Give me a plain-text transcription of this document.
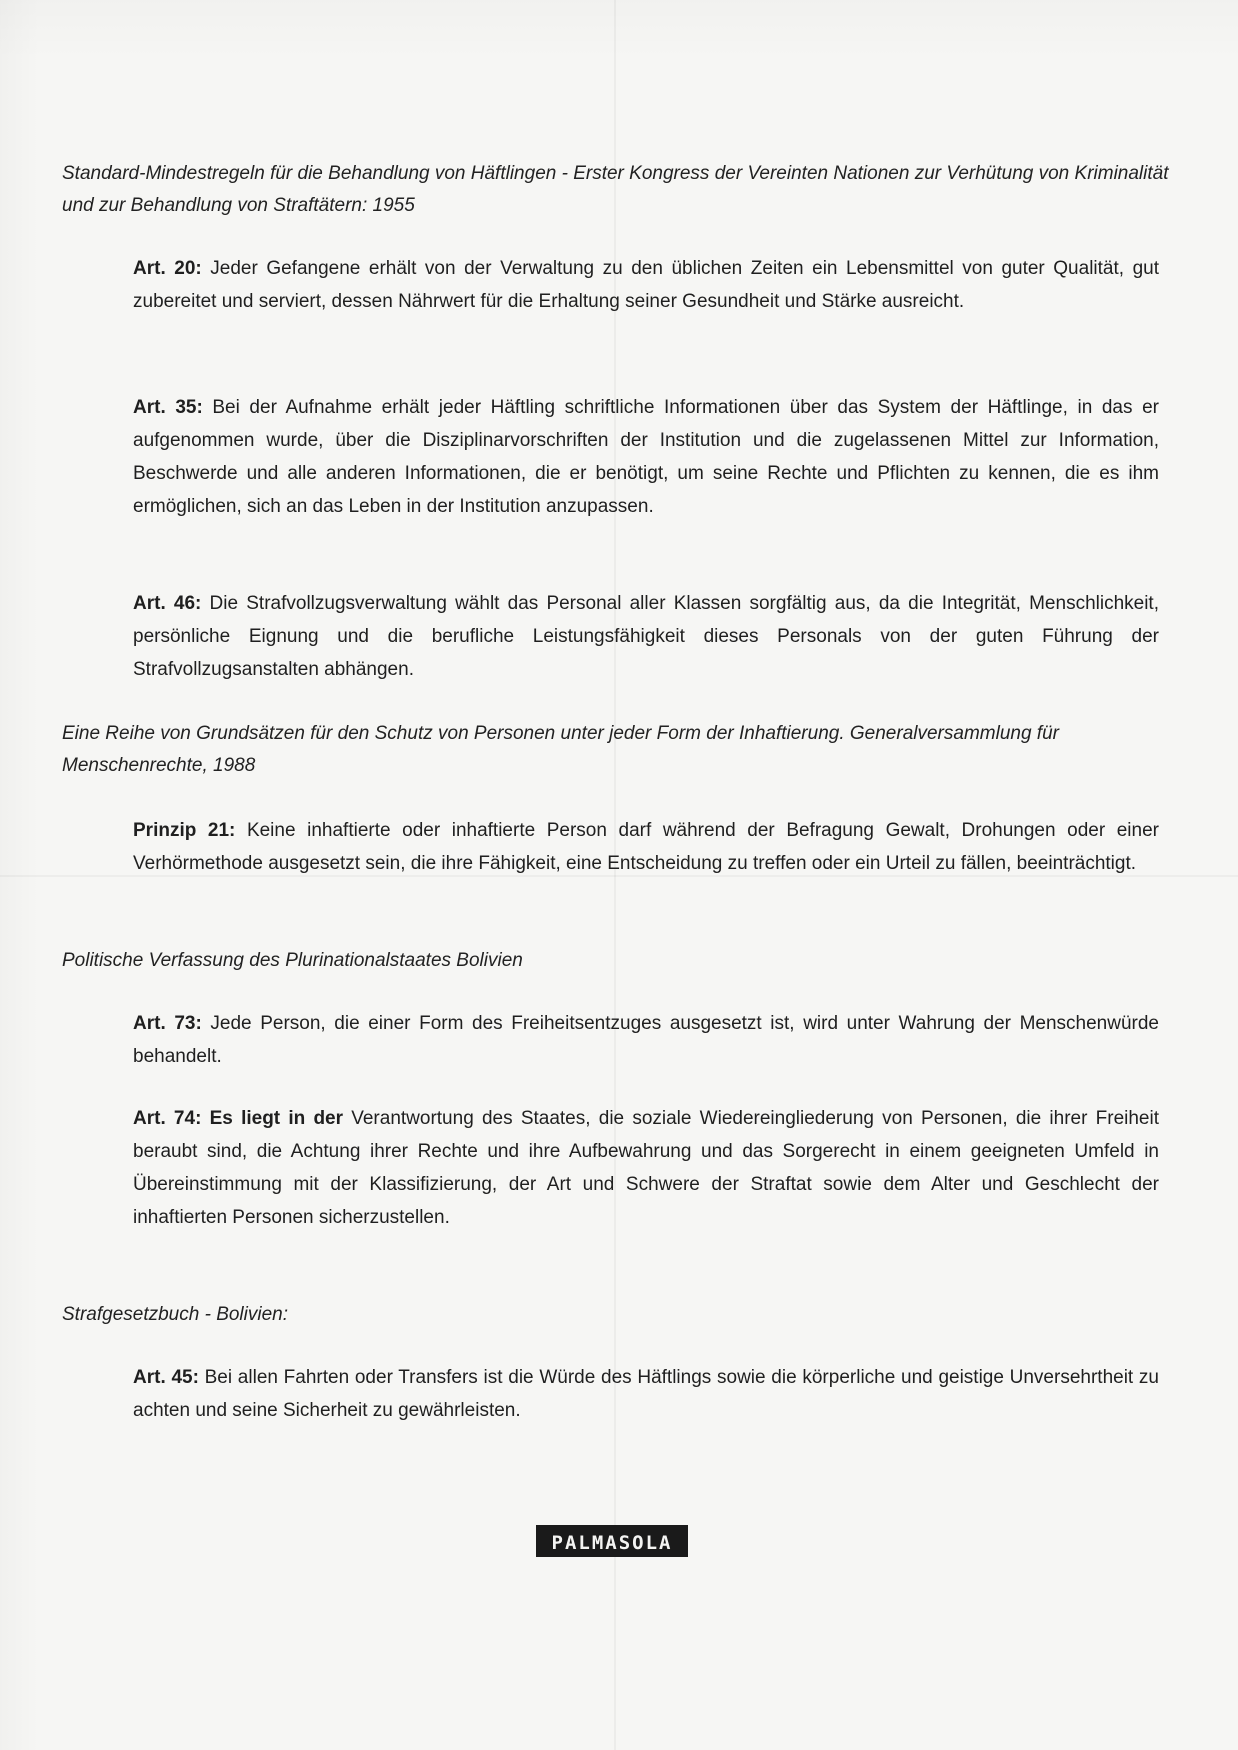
Standard-Mindestregeln für die Behandlung von Häftlingen - Erster Kongress der Vereinten Nationen zur Verhütung von Kriminalität und zur Behandlung von Straftätern: 1955
Art. 20: Jeder Gefangene erhält von der Verwaltung zu den üblichen Zeiten ein Lebensmittel von guter Qualität, gut zubereitet und serviert, dessen Nährwert für die Erhaltung seiner Gesundheit und Stärke ausreicht.
Art. 35: Bei der Aufnahme erhält jeder Häftling schriftliche Informationen über das System der Häftlinge, in das er aufgenommen wurde, über die Disziplinarvorschriften der Institution und die zugelassenen Mittel zur Information, Beschwerde und alle anderen Informationen, die er benötigt, um seine Rechte und Pflichten zu kennen, die es ihm ermöglichen, sich an das Leben in der Institution anzupassen.
Art. 46: Die Strafvollzugsverwaltung wählt das Personal aller Klassen sorgfältig aus, da die Integrität, Menschlichkeit, persönliche Eignung und die berufliche Leistungsfähigkeit dieses Personals von der guten Führung der Strafvollzugsanstalten abhängen.
Eine Reihe von Grundsätzen für den Schutz von Personen unter jeder Form der Inhaftierung. Generalversammlung für Menschenrechte, 1988
Prinzip 21: Keine inhaftierte oder inhaftierte Person darf während der Befragung Gewalt, Drohungen oder einer Verhörmethode ausgesetzt sein, die ihre Fähigkeit, eine Entscheidung zu treffen oder ein Urteil zu fällen, beeinträchtigt.
Politische Verfassung des Plurinationalstaates Bolivien
Art. 73: Jede Person, die einer Form des Freiheitsentzuges ausgesetzt ist, wird unter Wahrung der Menschenwürde behandelt.
Art. 74: Es liegt in der Verantwortung des Staates, die soziale Wiedereingliederung von Personen, die ihrer Freiheit beraubt sind, die Achtung ihrer Rechte und ihre Aufbewahrung und das Sorgerecht in einem geeigneten Umfeld in Übereinstimmung mit der Klassifizierung, der Art und Schwere der Straftat sowie dem Alter und Geschlecht der inhaftierten Personen sicherzustellen.
Strafgesetzbuch - Bolivien:
Art. 45: Bei allen Fahrten oder Transfers ist die Würde des Häftlings sowie die körperliche und geistige Unversehrtheit zu achten und seine Sicherheit zu gewährleisten.
PALMASOLA
